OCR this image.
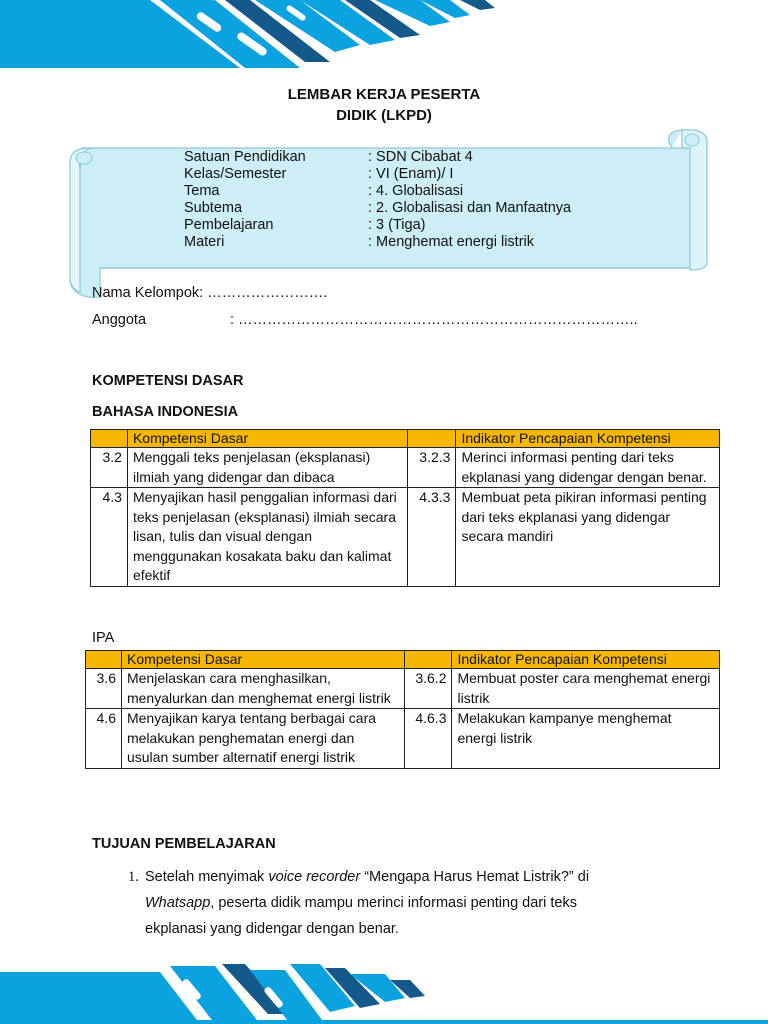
LEMBAR KERJA PESERTA
DIDIK (LKPD)
Satuan Pendidikan	: SDN Cibabat 4
Kelas/Semester	: VI (Enam)/ I
Tema	: 4. Globalisasi
Subtema	: 2. Globalisasi dan Manfaatnya
Pembelajaran	: 3 (Tiga)
Materi	: Menghemat energi listrik
Nama Kelompok: …………………….
Anggota	: ………………………………………………………………………..
KOMPETENSI DASAR
BAHASA INDONESIA
	Kompetensi Dasar		Indikator Pencapaian Kompetensi
3.2	Menggali teks penjelasan (eksplanasi) ilmiah yang didengar dan dibaca	3.2.3	Merinci informasi penting dari teks ekplanasi yang didengar dengan benar.
4.3	Menyajikan hasil penggalian informasi dari teks penjelasan (eksplanasi) ilmiah secara lisan, tulis dan visual dengan menggunakan kosakata baku dan kalimat efektif	4.3.3	Membuat peta pikiran informasi penting dari teks ekplanasi yang didengar secara mandiri
IPA
	Kompetensi Dasar		Indikator Pencapaian Kompetensi
3.6	Menjelaskan cara menghasilkan, menyalurkan dan menghemat energi listrik	3.6.2	Membuat poster cara menghemat energi listrik
4.6	Menyajikan karya tentang berbagai cara melakukan penghematan energi dan usulan sumber alternatif energi listrik	4.6.3	Melakukan kampanye menghemat energi listrik
TUJUAN PEMBELAJARAN
1. Setelah menyimak voice recorder “Mengapa Harus Hemat Listrik?” di Whatsapp, peserta didik mampu merinci informasi penting dari teks ekplanasi yang didengar dengan benar.
